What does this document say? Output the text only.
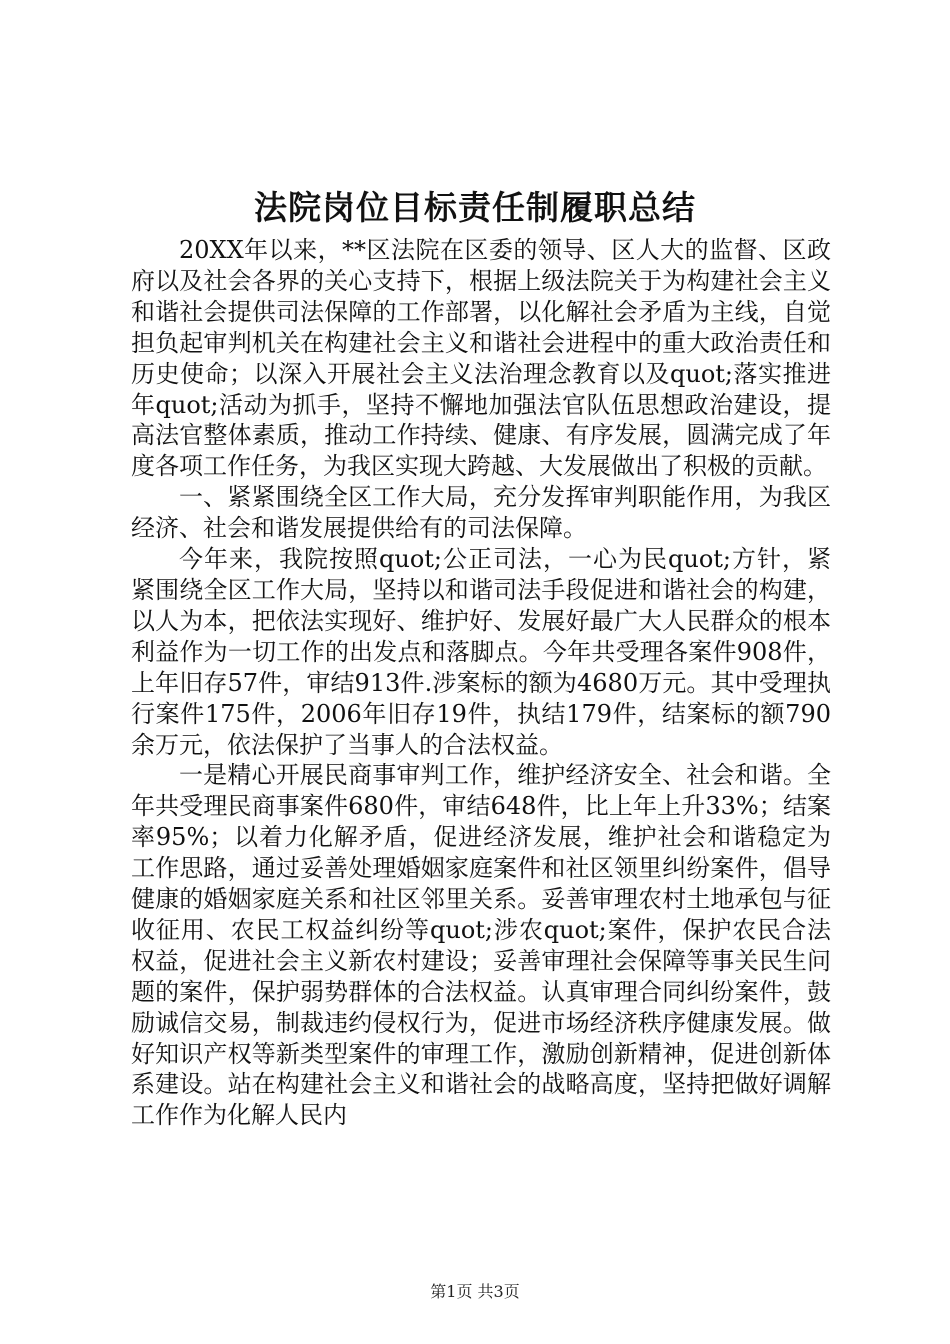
法院岗位目标责任制履职总结

20XX年以来，**区法院在区委的领导、区人大的监督、区政府以及社会各界的关心支持下，根据上级法院关于为构建社会主义和谐社会提供司法保障的工作部署，以化解社会矛盾为主线，自觉担负起审判机关在构建社会主义和谐社会进程中的重大政治责任和历史使命；以深入开展社会主义法治理念教育以及quot;落实推进年quot;活动为抓手，坚持不懈地加强法官队伍思想政治建设，提高法官整体素质，推动工作持续、健康、有序发展，圆满完成了年度各项工作任务，为我区实现大跨越、大发展做出了积极的贡献。

一、紧紧围绕全区工作大局，充分发挥审判职能作用，为我区经济、社会和谐发展提供给有的司法保障。

今年来，我院按照quot;公正司法，一心为民quot;方针，紧紧围绕全区工作大局，坚持以和谐司法手段促进和谐社会的构建，以人为本，把依法实现好、维护好、发展好最广大人民群众的根本利益作为一切工作的出发点和落脚点。今年共受理各案件908件，上年旧存57件，审结913件.涉案标的额为4680万元。其中受理执行案件175件，2006年旧存19件，执结179件，结案标的额790余万元，依法保护了当事人的合法权益。

一是精心开展民商事审判工作，维护经济安全、社会和谐。全年共受理民商事案件680件，审结648件，比上年上升33%；结案率95%；以着力化解矛盾，促进经济发展，维护社会和谐稳定为工作思路，通过妥善处理婚姻家庭案件和社区领里纠纷案件，倡导健康的婚姻家庭关系和社区邻里关系。妥善审理农村土地承包与征收征用、农民工权益纠纷等quot;涉农quot;案件，保护农民合法权益，促进社会主义新农村建设；妥善审理社会保障等事关民生问题的案件，保护弱势群体的合法权益。认真审理合同纠纷案件，鼓励诚信交易，制裁违约侵权行为，促进市场经济秩序健康发展。做好知识产权等新类型案件的审理工作，激励创新精神，促进创新体系建设。站在构建社会主义和谐社会的战略高度，坚持把做好调解工作作为化解人民内

第1页 共3页
